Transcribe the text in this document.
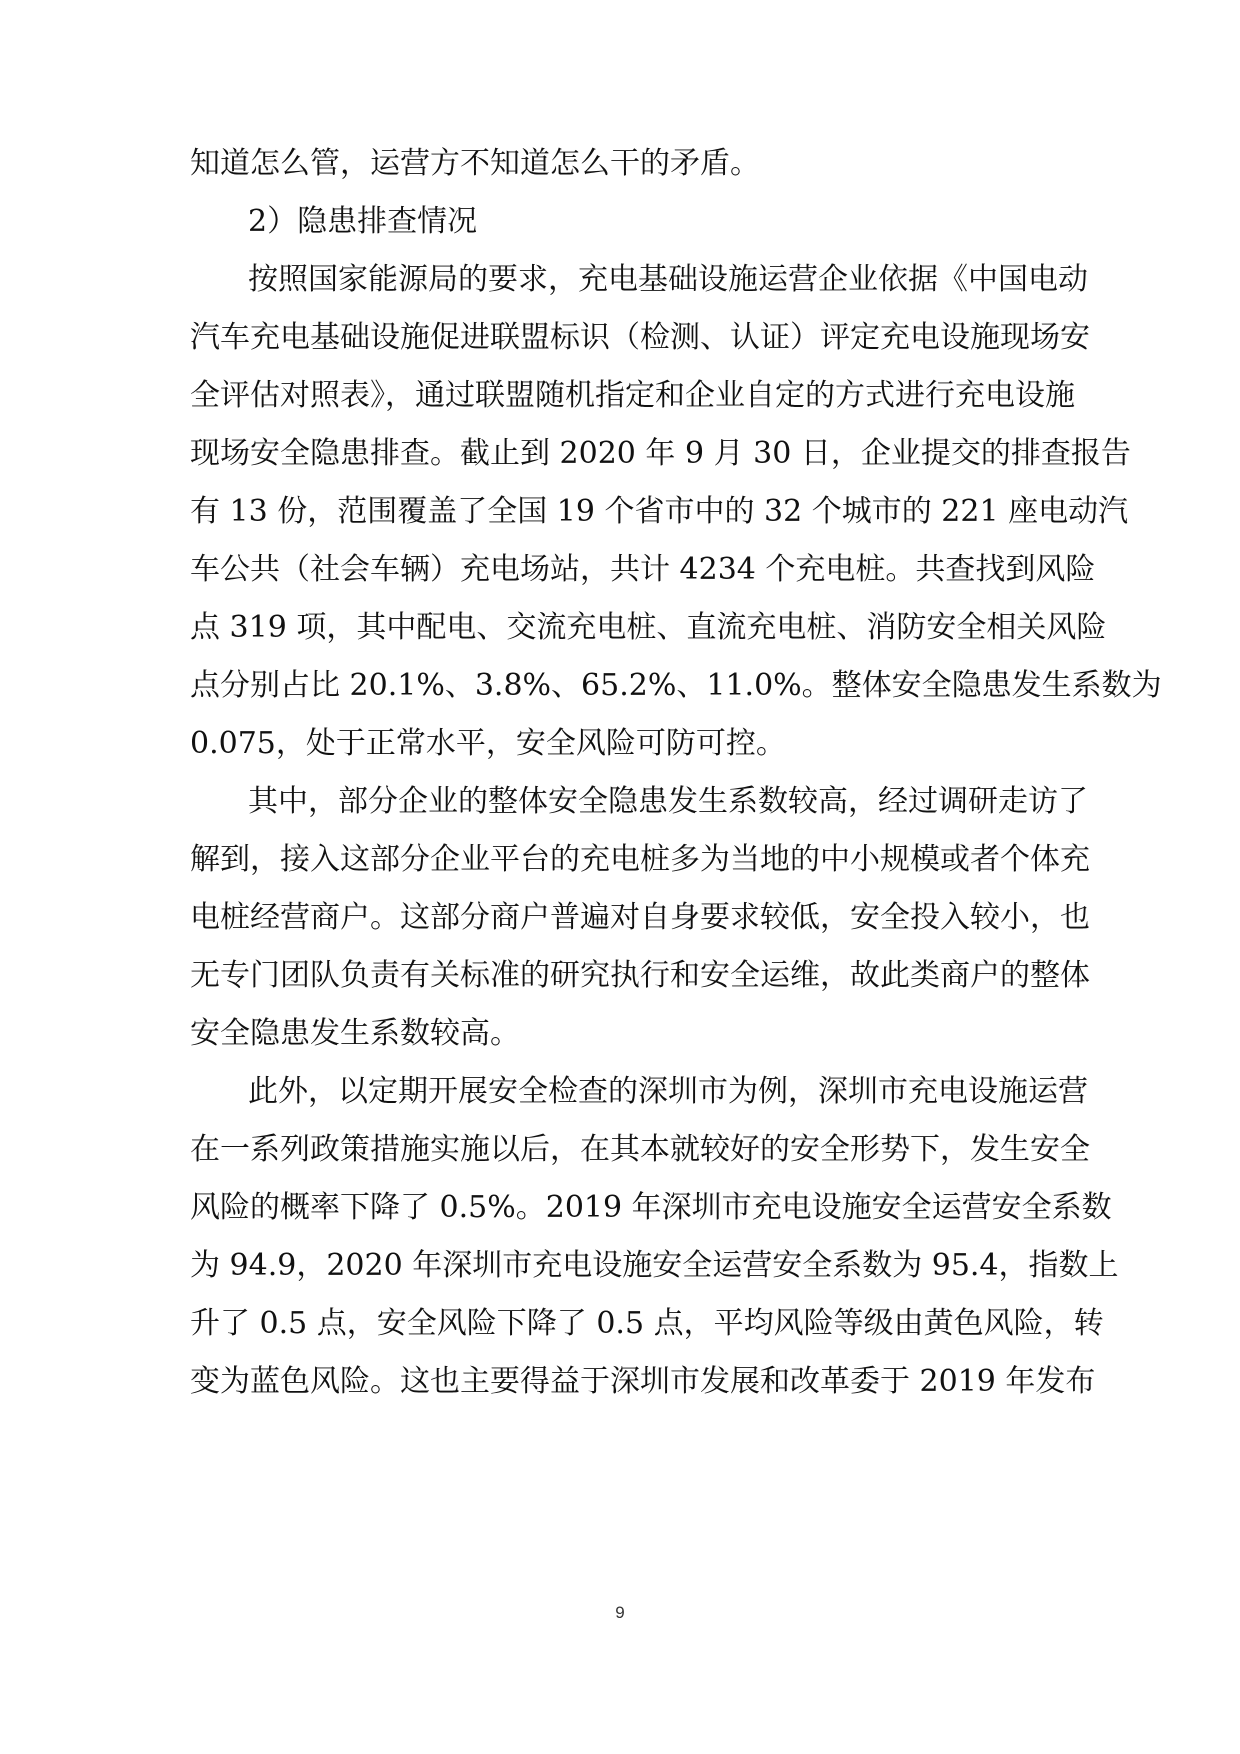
知道怎么管，运营方不知道怎么干的矛盾。
2）隐患排查情况
按照国家能源局的要求，充电基础设施运营企业依据《中国电动
汽车充电基础设施促进联盟标识（检测、认证）评定充电设施现场安
全评估对照表》，通过联盟随机指定和企业自定的方式进行充电设施
现场安全隐患排查。截止到 2020 年 9 月 30 日，企业提交的排查报告
有 13 份，范围覆盖了全国 19 个省市中的 32 个城市的 221 座电动汽
车公共（社会车辆）充电场站，共计 4234 个充电桩。共查找到风险
点 319 项，其中配电、交流充电桩、直流充电桩、消防安全相关风险
点分别占比 20.1%、3.8%、65.2%、11.0%。整体安全隐患发生系数为
0.075，处于正常水平，安全风险可防可控。
其中，部分企业的整体安全隐患发生系数较高，经过调研走访了
解到，接入这部分企业平台的充电桩多为当地的中小规模或者个体充
电桩经营商户。这部分商户普遍对自身要求较低，安全投入较小，也
无专门团队负责有关标准的研究执行和安全运维，故此类商户的整体
安全隐患发生系数较高。
此外，以定期开展安全检查的深圳市为例，深圳市充电设施运营
在一系列政策措施实施以后，在其本就较好的安全形势下，发生安全
风险的概率下降了 0.5%。2019 年深圳市充电设施安全运营安全系数
为 94.9，2020 年深圳市充电设施安全运营安全系数为 95.4，指数上
升了 0.5 点，安全风险下降了 0.5 点，平均风险等级由黄色风险，转
变为蓝色风险。这也主要得益于深圳市发展和改革委于 2019 年发布
9
